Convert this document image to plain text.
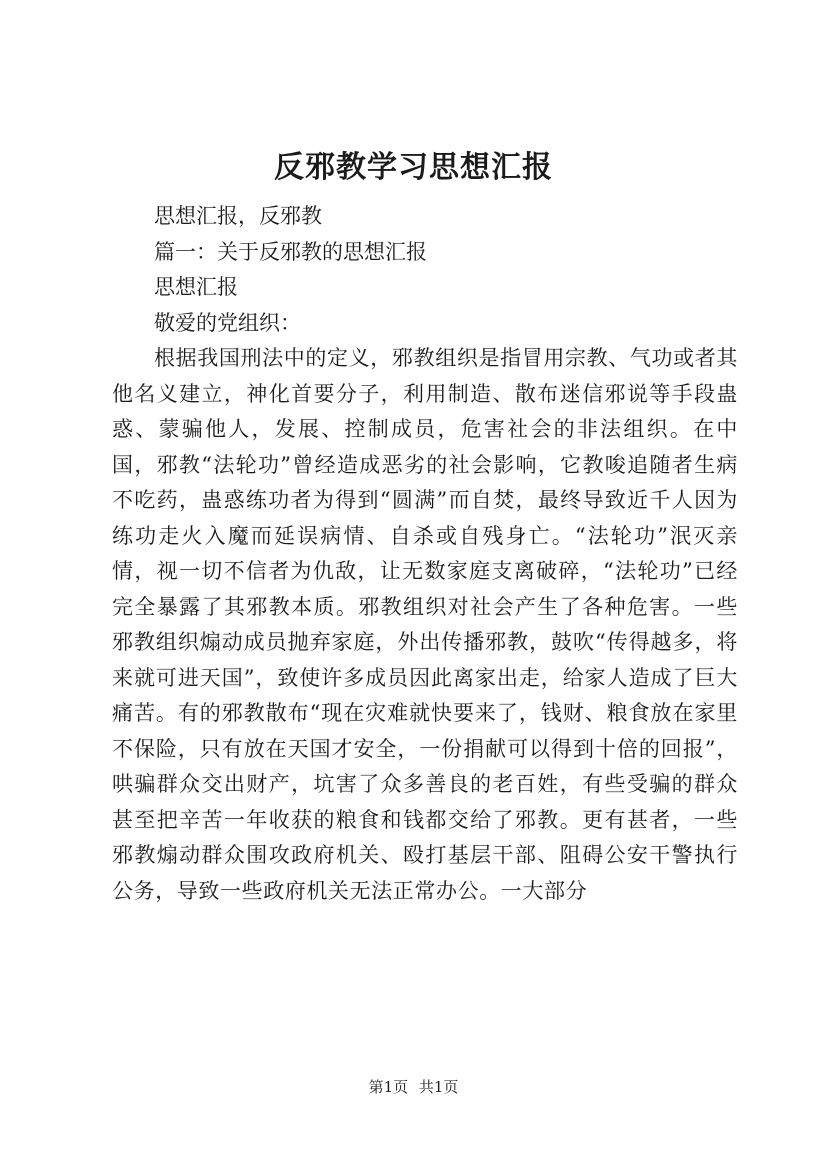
反邪教学习思想汇报

思想汇报，反邪教

篇一：关于反邪教的思想汇报

思想汇报

敬爱的党组织：

根据我国刑法中的定义，邪教组织是指冒用宗教、气功或者其他名义建立，神化首要分子，利用制造、散布迷信邪说等手段蛊惑、蒙骗他人，发展、控制成员，危害社会的非法组织。在中国，邪教“法轮功”曾经造成恶劣的社会影响，它教唆追随者生病不吃药，蛊惑练功者为得到“圆满”而自焚，最终导致近千人因为练功走火入魔而延误病情、自杀或自残身亡。“法轮功”泯灭亲情，视一切不信者为仇敌，让无数家庭支离破碎，“法轮功”已经完全暴露了其邪教本质。邪教组织对社会产生了各种危害。一些邪教组织煽动成员抛弃家庭，外出传播邪教，鼓吹“传得越多，将来就可进天国”，致使许多成员因此离家出走，给家人造成了巨大痛苦。有的邪教散布“现在灾难就快要来了，钱财、粮食放在家里不保险，只有放在天国才安全，一份捐献可以得到十倍的回报”，哄骗群众交出财产，坑害了众多善良的老百姓，有些受骗的群众甚至把辛苦一年收获的粮食和钱都交给了邪教。更有甚者，一些邪教煽动群众围攻政府机关、殴打基层干部、阻碍公安干警执行公务，导致一些政府机关无法正常办公。一大部分

第1页 共1页
